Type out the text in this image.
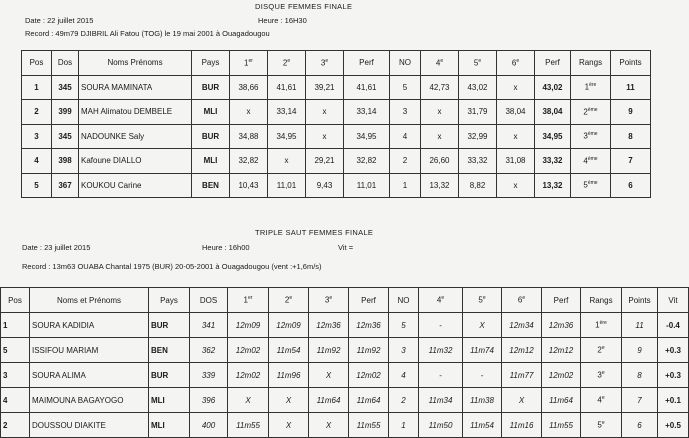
DISQUE FEMMES FINALE
Date : 22 juillet 2015	Heure : 16H30
Record : 49m79 DJIBRIL Ali Fatou (TOG) le 19 mai 2001 à Ouagadougou
Pos	Dos	Noms Prénoms	Pays	1er	2e	3e	Perf	NO	4e	5e	6e	Perf	Rangs	Points
1	345	SOURA MAMINATA	BUR	38,66	41,61	39,21	41,61	5	42,73	43,02	x	43,02	1ère	11
2	399	MAH Alimatou DEMBELE	MLI	x	33,14	x	33,14	3	x	31,79	38,04	38,04	2ème	9
3	345	NADOUNKE Saly	BUR	34,88	34,95	x	34,95	4	x	32,99	x	34,95	3ème	8
4	398	Kafoune DIALLO	MLI	32,82	x	29,21	32,82	2	26,60	33,32	31,08	33,32	4ème	7
5	367	KOUKOU Carine	BEN	10,43	11,01	9,43	11,01	1	13,32	8,82	x	13,32	5ème	6
TRIPLE SAUT FEMMES FINALE
Date : 23 juillet 2015	Heure : 16h00	Vit =
Record : 13m63 OUABA Chantal 1975 (BUR) 20-05-2001 à Ouagadougou (vent :+1,6m/s)
Pos	Noms et Prénoms	Pays	DOS	1er	2e	3e	Perf	NO	4e	5e	6e	Perf	Rangs	Points	Vit
1	SOURA KADIDIA	BUR	341	12m09	12m09	12m36	12m36	5	-	X	12m34	12m36	1ère	11	-0.4
5	ISSIFOU MARIAM	BEN	362	12m02	11m54	11m92	11m92	3	11m32	11m74	12m12	12m12	2e	9	+0.3
3	SOURA ALIMA	BUR	339	12m02	11m96	X	12m02	4	-	-	11m77	12m02	3e	8	+0.3
4	MAIMOUNA BAGAYOGO	MLI	396	X	X	11m64	11m64	2	11m34	11m38	X	11m64	4e	7	+0.1
2	DOUSSOU DIAKITE	MLI	400	11m55	X	X	11m55	1	11m50	11m54	11m16	11m55	5e	6	+0.5
